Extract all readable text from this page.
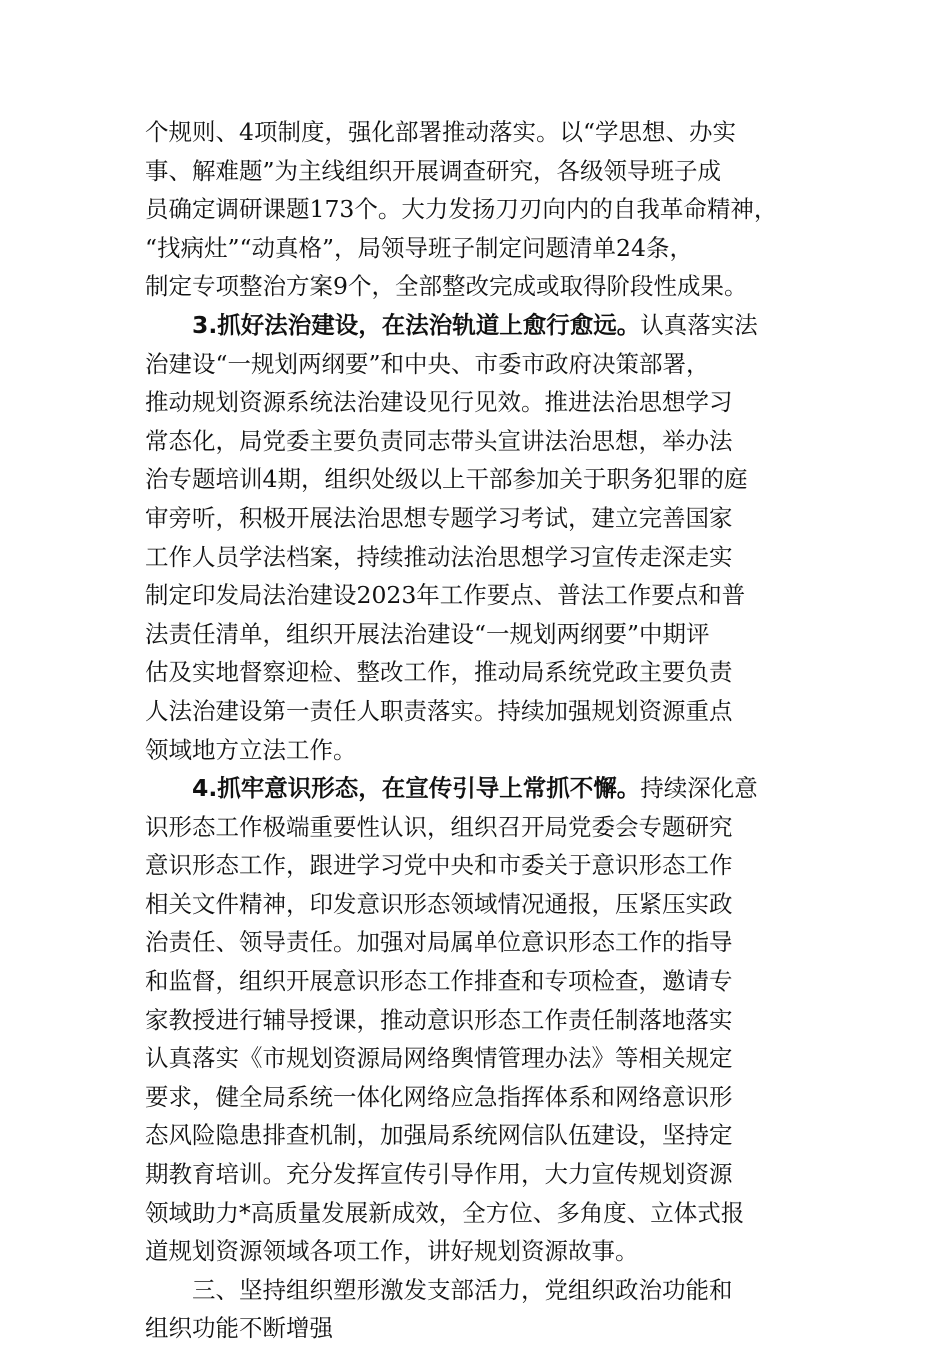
个规则、4项制度，强化部署推动落实。以“学思想、办实
事、解难题”为主线组织开展调查研究，各级领导班子成
员确定调研课题173个。大力发扬刀刃向内的自我革命精神，
“找病灶”“动真格”，局领导班子制定问题清单24条，
制定专项整治方案9个，全部整改完成或取得阶段性成果。
3.抓好法治建设，在法治轨道上愈行愈远。认真落实法
治建设“一规划两纲要”和中央、市委市政府决策部署，
推动规划资源系统法治建设见行见效。推进法治思想学习
常态化，局党委主要负责同志带头宣讲法治思想，举办法
治专题培训4期，组织处级以上干部参加关于职务犯罪的庭
审旁听，积极开展法治思想专题学习考试，建立完善国家
工作人员学法档案，持续推动法治思想学习宣传走深走实
制定印发局法治建设2023年工作要点、普法工作要点和普
法责任清单，组织开展法治建设“一规划两纲要”中期评
估及实地督察迎检、整改工作，推动局系统党政主要负责
人法治建设第一责任人职责落实。持续加强规划资源重点
领域地方立法工作。
4.抓牢意识形态，在宣传引导上常抓不懈。持续深化意
识形态工作极端重要性认识，组织召开局党委会专题研究
意识形态工作，跟进学习党中央和市委关于意识形态工作
相关文件精神，印发意识形态领域情况通报，压紧压实政
治责任、领导责任。加强对局属单位意识形态工作的指导
和监督，组织开展意识形态工作排查和专项检查，邀请专
家教授进行辅导授课，推动意识形态工作责任制落地落实
认真落实《市规划资源局网络舆情管理办法》等相关规定
要求，健全局系统一体化网络应急指挥体系和网络意识形
态风险隐患排查机制，加强局系统网信队伍建设，坚持定
期教育培训。充分发挥宣传引导作用，大力宣传规划资源
领域助力*高质量发展新成效，全方位、多角度、立体式报
道规划资源领域各项工作，讲好规划资源故事。
三、坚持组织塑形激发支部活力，党组织政治功能和
组织功能不断增强
